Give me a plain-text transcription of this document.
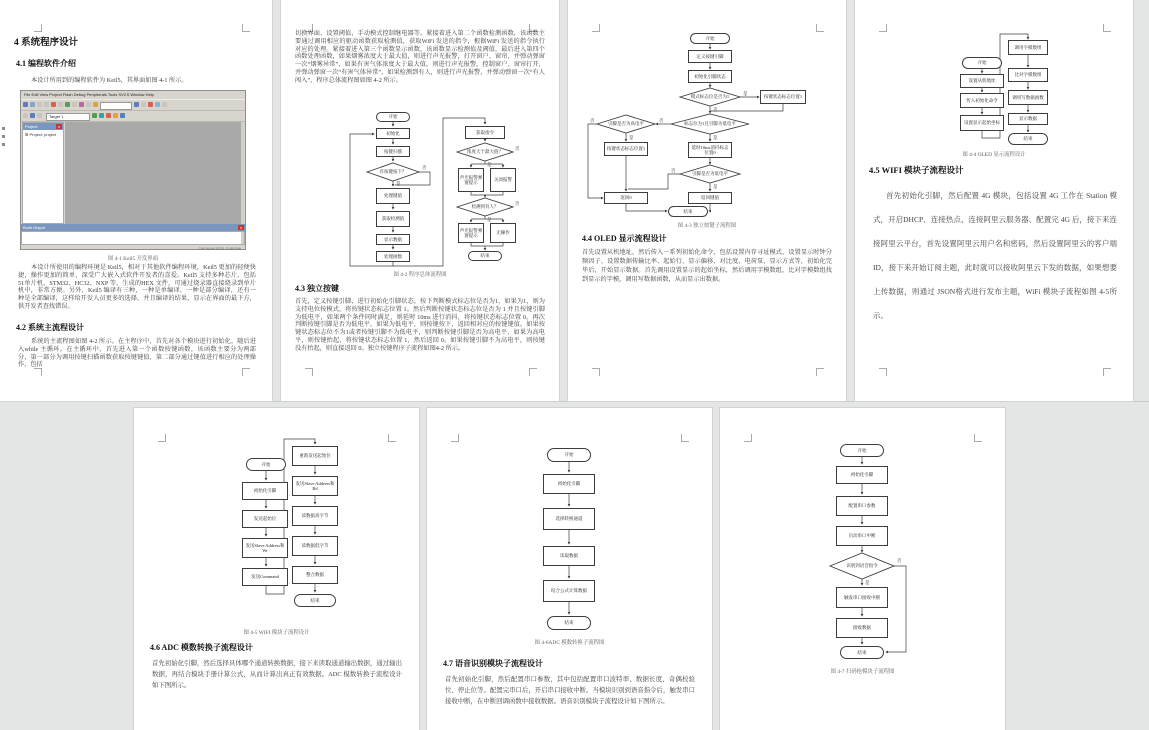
4 系统程序设计
4.1 编程软件介绍
本设计所用到的编程软件为 Keil5，其界面如图 4-1 所示。
File Edit View Project Flash Debug Peripherals Tools SVCS Window Help
Target 1
x
Project
⊞ Project: project
x
Build Output
CAP NUM SCRL OVR R/W
图 4-1 Keil5 开发界面
本设计所使用的编程环境是 Keil5，相对于其他软件编程环境，Keil5 更加的轻便快捷，操作更加的简单，深受广大嵌入式软件开发者的喜爱。Keil5 支持多种芯片，包括51单片机、STM32、HC32、NXP 等，生成的HEX 文件，可通过烧录器直接烧录到单片机中，非常方便。另外，Keil5 编译有三种，一种是单编译，一种是部分编译，还有一种是全部编译，这样给开发人员更多的选择，并且编译的结果，显示在界面的最下方，供开发者查找错误。
4.2 系统主流程设计
系统的主流程图如图 4-2 所示。在主程序中，首先对各个模块进行初始化，随后进入while 主循环。在主循环中，首先进入第一个函数按键函数，该函数主要分为两部分，第一部分为调用按键扫描函数获取按键键值，第二部分通过键值进行相应的处理操作，包括
切换界面、设置阈值、手动模式控制继电器等。紧接着进入第二个函数检测函数，该函数主要通过调用相应的驱动函数获取检测值，获取WiFi 发送的指令，根据WiFi 发送的指令执行对应的处理。紧接着进入第三个函数显示函数，该函数显示检测值及阈值，最后进入第四个函数处理函数，如果烟雾浓度大于最大值，则进行声光报警，打开窗户、窗帘，并弹动弹窗一次“烟雾异常”，如果有害气体浓度大于最大值，则进行声光报警，控制窗户、窗帘打开，并弹动弹窗一次“有害气体异常”，如果检测到有人，则进行声光报警，并弹动弹窗一次“有人闯入”，程序总体流程图如图 4-2 所示。
开始
初始化
按键扫描
有按键按下？
处理键值
获取检测值
显示数据
处理函数
获取指令
浓度大于最大值？
声光报警弹窗提示
关闭报警
检测到有人？
声光报警弹窗提示
无操作
结束
是
否
是
否
是
否
图 4-2 程序总体流程图
4.3 独立按键
首先，定义按键引脚，进行初始化引脚状态。按下判断模式标志位是否为1，如果为1，则为支持电位按模式，将按键状态标志位置 1。然后判断按键状态标志位是否为 1 并且按键引脚为低电平，如果两个条件同时满足，则延时 10ms 进行消抖，将按键状态标志位置 0。再次判断按键引脚是否为低电平，如果为低电平，则按键按下，返回相对应的按键键值。如果按键状态标志位不为1或者按键引脚不为低电平，则判断按键引脚是否为高电平，如果为高电平，则按键抬起，将按键状态标志位置 1，然后返回 0。如果按键引脚不为高电平，则按键没有抬起，则直接返回 0。独立按键程序子流程如图4-2 所示。
开始
定义按键引脚
初始化引脚状态
模式标志位是否为1	按键状态标志位置1
标志位为1且引脚为低电平
引脚是否为高电平
延时10ms消抖标志位置0
按键状态标志位置1
引脚是否为低电平
返回0	返回键值
结束
是
否
否
是
是
否
否
是
图 4-3 独立按键子流程图
4.4 OLED 显示流程设计
首先设置从机地址，然后传入一系列初始化命令，包括设置内存寻址模式、设置显示时钟分频因子、设置数据传输比率、起始行、显示偏移、对比度、电荷泵、显示方式等，初始化完毕后，开始显示数据。首先调用设置显示的起始坐标，然后调用字模数组，比对字模数组找到显示的字模，调用写数据函数，从而显示出数据。
开始
设置从机地址
传入初始化命令
设置显示起始坐标
调用字模数组
比对字模数组
调用写数据函数
显示数据
结束
图 4-4 OLED 显示流程设计
4.5 WIFI 模块子流程设计
首先初始化引脚，然后配置 4G 模块，包括设置 4G 工作在 Station 模式，开启DHCP、连接热点、连接阿里云服务器、配置完 4G 后，接下来连接阿里云平台，首先设置阿里云用户名和密码，然后设置阿里云的客户端 ID，接下来开始订阅主题，此时就可以接收阿里云下发的数据，如果想要上传数据，则通过 JSON格式进行发布主题，WiFi 模块子流程如图 4-5所示。
开始
初始化引脚
发送起始位
发送Slave Address和Wr
发送Command
重新发送起始位
发送Slave Address和Rd
读数据高字节
读数据低字节
整合数据
结束
图 4-5 WIFI 模块子流程设计
4.6 ADC 模数转换子流程设计
首先初始化引脚，然后选择具体哪个通道转换数据，接下来读取通道输出数据，通过输出数据，再结合模块手册计算公式，从而计算出真正有效数据。ADC 模数转换子流程设计如下图所示。
开始
初始化引脚
选择转换通道
读取数据
结合公式计算数据
结束
图 4-6ADC 模数转换子流程图
4.7 语音识别模块子流程设计
首先初始化引脚，然后配置串口参数，其中包括配置串口波特率、数据长度、奇偶校验位、停止位等。配置完串口后，开启串口接收中断。当模块识别到语音指令后，触发串口接收中断，在中断回调函数中接收数据。语音识别模块子流程设计如下图所示。
开始
初始化引脚
配置串口参数
启动串口中断
识别到语音指令
触发串口接收中断
接收数据
结束
是
否
图 4-7 扫码枪模块子流程图
